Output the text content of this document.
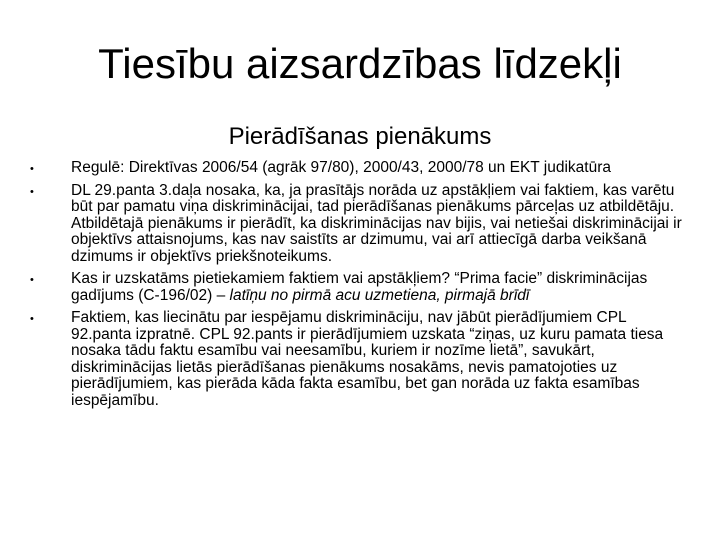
Tiesību aizsardzības līdzekļi
Pierādīšanas pienākums
• Regulē: Direktīvas 2006/54 (agrāk 97/80), 2000/43, 2000/78 un EKT judikatūra
• DL 29.panta 3.daļa nosaka, ka, ja prasītājs norāda uz apstākļiem vai faktiem, kas varētu būt par pamatu viņa diskriminācijai, tad pierādīšanas pienākums pārceļas uz atbildētāju. Atbildētajā pienākums ir pierādīt, ka diskriminācijas nav bijis, vai netiešai diskriminācijai ir objektīvs attaisnojums, kas nav saistīts ar dzimumu, vai arī attiecīgā darba veikšanā dzimums ir objektīvs priekšnoteikums.
• Kas ir uzskatāms pietiekamiem faktiem vai apstākļiem? “Prima facie” diskriminācijas gadījums (C-196/02) – latīņu no pirmā acu uzmetiena, pirmajā brīdī
• Faktiem, kas liecinātu par iespējamu diskrimināciju, nav jābūt pierādījumiem CPL 92.panta izpratnē. CPL 92.pants ir pierādījumiem uzskata “ziņas, uz kuru pamata tiesa nosaka tādu faktu esamību vai neesamību, kuriem ir nozīme lietā”, savukārt, diskriminācijas lietās pierādīšanas pienākums nosakāms, nevis pamatojoties uz pierādījumiem, kas pierāda kāda fakta esamību, bet gan norāda uz fakta esamības iespējamību.
